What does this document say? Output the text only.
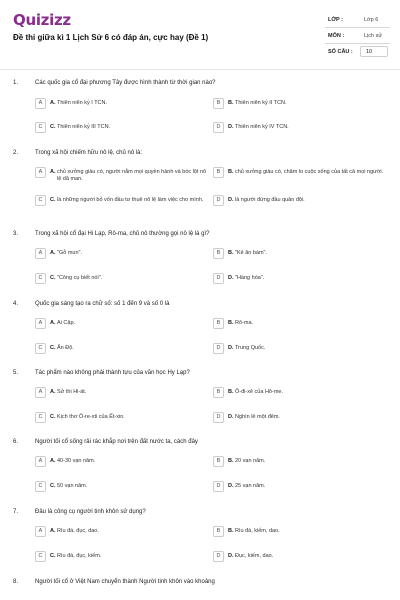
Quizizz
Đề thi giữa kì 1 Lịch Sử 6 có đáp án, cực hay (Đề 1)
LỚP :	Lớp 6
MÔN :	Lịch sử
SỐ CÂU : 10
1.	Các quốc gia cổ đại phương Tây được hình thành từ thời gian nào?
A	A. Thiên niên kỷ I TCN.	B	B. Thiên niên kỷ II TCN.
C	C. Thiên niên kỷ III TCN.	D	D. Thiên niên kỷ IV TCN.
2.	Trong xã hội chiếm hữu nô lệ, chủ nô là:
A	A. chủ xưởng giàu có, người nắm mọi quyền hành và bóc lột nô lệ dã man.
B	B. chủ xưởng giàu có, chăm lo cuộc sống của tất cả mọi người.
C	C. là những người bỏ vốn đầu tư thuê nô lệ làm việc cho mình.	D	D. là người đứng đầu quân đội.
3.	Trong xã hội cổ đại Hi Lạp, Rô-ma, chủ nô thường gọi nô lệ là gì?
A	A. "Gỗ mun".	B	B. "Kẻ ăn bám".
C	C. "Công cụ biết nói".	D	D. "Hàng hóa".
4.	Quốc gia sáng tạo ra chữ số: số 1 đến 9 và số 0 là
A	A. Ai Cập.	B	B. Rô-ma.
C	C. Ấn Độ.	D	D. Trung Quốc.
5.	Tác phẩm nào không phải thành tựu của văn học Hy Lạp?
A	A. Sử thi Hi-át.	B	B. Ô-đi-xê của Hô-me.
C	C. Kịch thơ Ô-re-xti của Ết-xin.	D	D. Nghìn lẻ một đêm.
6.	Người tối cổ sống rải rác khắp nơi trên đất nước ta, cách đây
A	A. 40-30 vạn năm.	B	B. 20 vạn năm.
C	C. 50 vạn năm.	D	D. 25 vạn năm.
7.	Đâu là công cụ người tinh khôn sử dụng?
A	A. Rìu đá, đục, dao.	B	B. Rìu đá, kiếm, dao.
C	C. Rìu đá, đục, kiếm.	D	D. Đục, kiếm, dao.
8.	Người tối cổ ở Việt Nam chuyển thành Người tinh khôn vào khoảng
